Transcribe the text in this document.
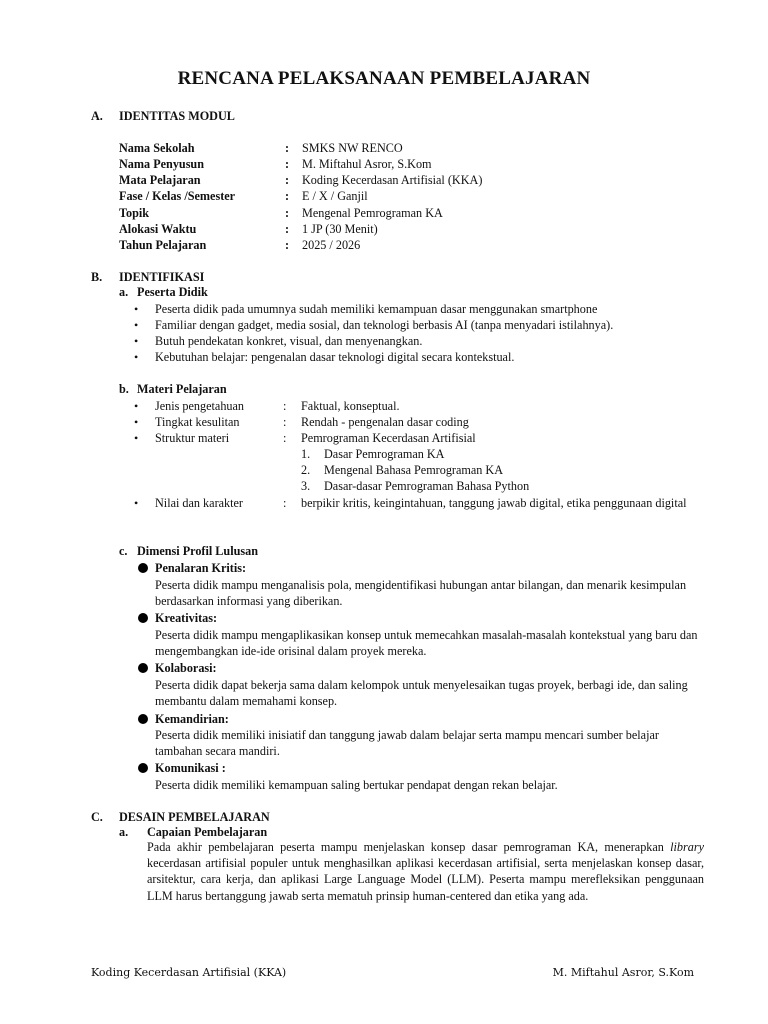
RENCANA PELAKSANAAN PEMBELAJARAN
A. IDENTITAS MODUL
Nama Sekolah	: SMKS NW RENCO
Nama Penyusun	: M. Miftahul Asror, S.Kom
Mata Pelajaran	: Koding Kecerdasan Artifisial (KKA)
Fase / Kelas /Semester	: E / X / Ganjil
Topik	: Mengenal Pemrograman KA
Alokasi Waktu	: 1 JP (30 Menit)
Tahun Pelajaran	: 2025 / 2026
B. IDENTIFIKASI
a. Peserta Didik
• Peserta didik pada umumnya sudah memiliki kemampuan dasar menggunakan smartphone
• Familiar dengan gadget, media sosial, dan teknologi berbasis AI (tanpa menyadari istilahnya).
• Butuh pendekatan konkret, visual, dan menyenangkan.
• Kebutuhan belajar: pengenalan dasar teknologi digital secara kontekstual.
b. Materi Pelajaran
• Jenis pengetahuan	: Faktual, konseptual.
• Tingkat kesulitan	: Rendah - pengenalan dasar coding
• Struktur materi	: Pemrograman Kecerdasan Artifisial
1. Dasar Pemrograman KA
2. Mengenal Bahasa Pemrograman KA
3. Dasar-dasar Pemrograman Bahasa Python
• Nilai dan karakter	: berpikir kritis, keingintahuan, tanggung jawab digital, etika penggunaan digital
c. Dimensi Profil Lulusan
Penalaran Kritis:
Peserta didik mampu menganalisis pola, mengidentifikasi hubungan antar bilangan, dan menarik kesimpulan berdasarkan informasi yang diberikan.
Kreativitas:
Peserta didik mampu mengaplikasikan konsep untuk memecahkan masalah-masalah kontekstual yang baru dan mengembangkan ide-ide orisinal dalam proyek mereka.
Kolaborasi:
Peserta didik dapat bekerja sama dalam kelompok untuk menyelesaikan tugas proyek, berbagi ide, dan saling membantu dalam memahami konsep.
Kemandirian:
Peserta didik memiliki inisiatif dan tanggung jawab dalam belajar serta mampu mencari sumber belajar tambahan secara mandiri.
Komunikasi :
Peserta didik memiliki kemampuan saling bertukar pendapat dengan rekan belajar.
C. DESAIN PEMBELAJARAN
a. Capaian Pembelajaran
Pada akhir pembelajaran peserta mampu menjelaskan konsep dasar pemrograman KA, menerapkan library kecerdasan artifisial populer untuk menghasilkan aplikasi kecerdasan artifisial, serta menjelaskan konsep dasar, arsitektur, cara kerja, dan aplikasi Large Language Model (LLM). Peserta mampu merefleksikan penggunaan LLM harus bertanggung jawab serta mematuh prinsip human-centered dan etika yang ada.
Koding Kecerdasan Artifisial (KKA)	M. Miftahul Asror, S.Kom
